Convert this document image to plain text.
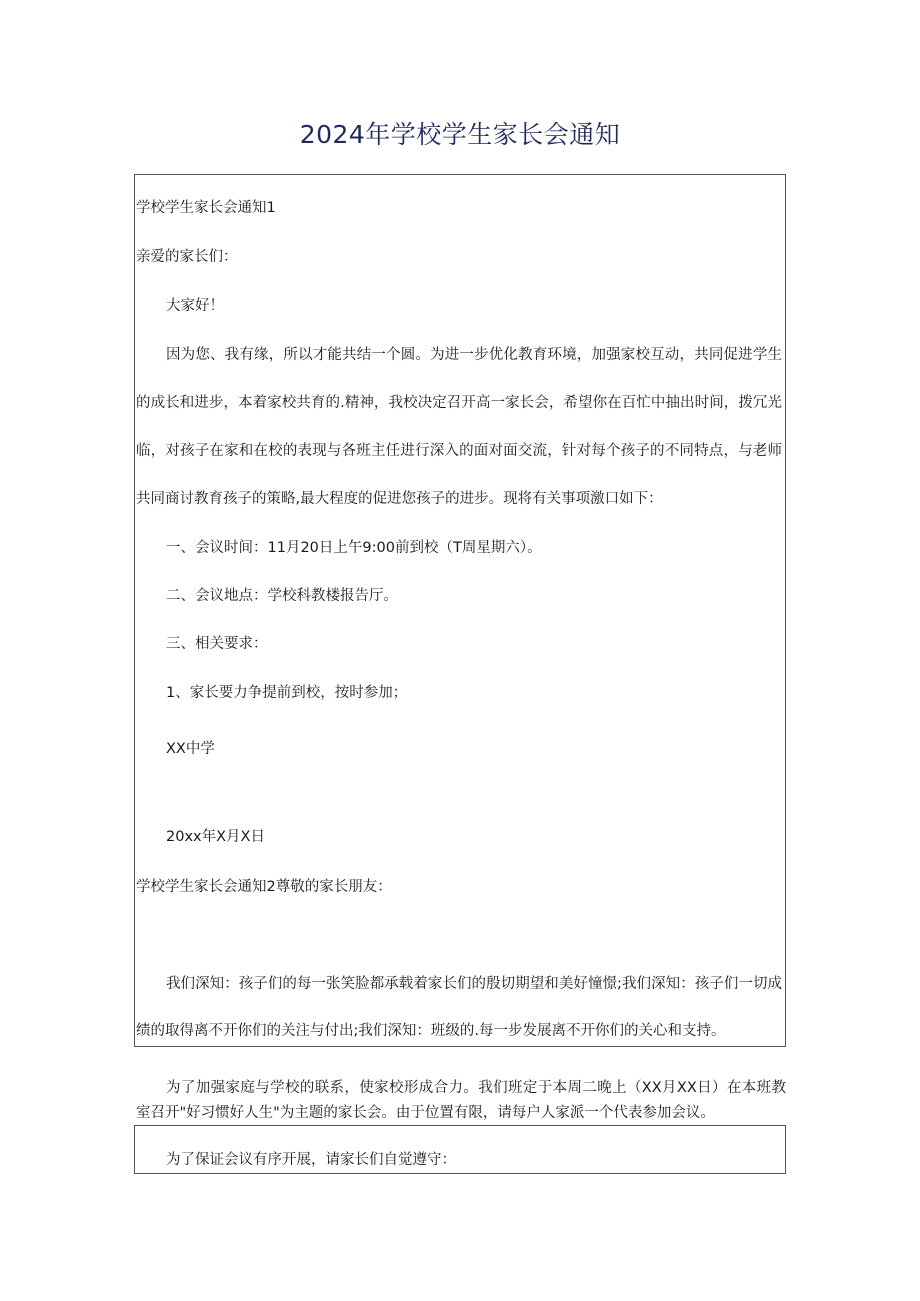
2024年学校学生家长会通知
学校学生家长会通知1
亲爱的家长们：
大家好！
因为您、我有缘，所以才能共结一个圆。为进一步优化教育环境，加强家校互动，共同促进学生
的成长和进步，本着家校共育的.精神，我校决定召开高一家长会，希望你在百忙中抽出时间，拨冗光
临，对孩子在家和在校的表现与各班主任进行深入的面对面交流，针对每个孩子的不同特点，与老师
共同商讨教育孩子的策略,最大程度的促进您孩子的进步。现将有关事项激口如下：
一、会议时间：11月20日上午9:00前到校（T周星期六）。
二、会议地点：学校科教楼报告厅。
三、相关要求：
1、家长要力争提前到校，按时参加；
XX中学
20xx年X月X日
学校学生家长会通知2尊敬的家长朋友：
我们深知：孩子们的每一张笑脸都承载着家长们的殷切期望和美好憧憬;我们深知：孩子们一切成
绩的取得离不开你们的关注与付出;我们深知：班级的.每一步发展离不开你们的关心和支持。
为了加强家庭与学校的联系，使家校形成合力。我们班定于本周二晚上（XX月XX日）在本班教
室召开"好习惯好人生"为主题的家长会。由于位置有限，请每户人家派一个代表参加会议。
为了保证会议有序开展，请家长们自觉遵守：
